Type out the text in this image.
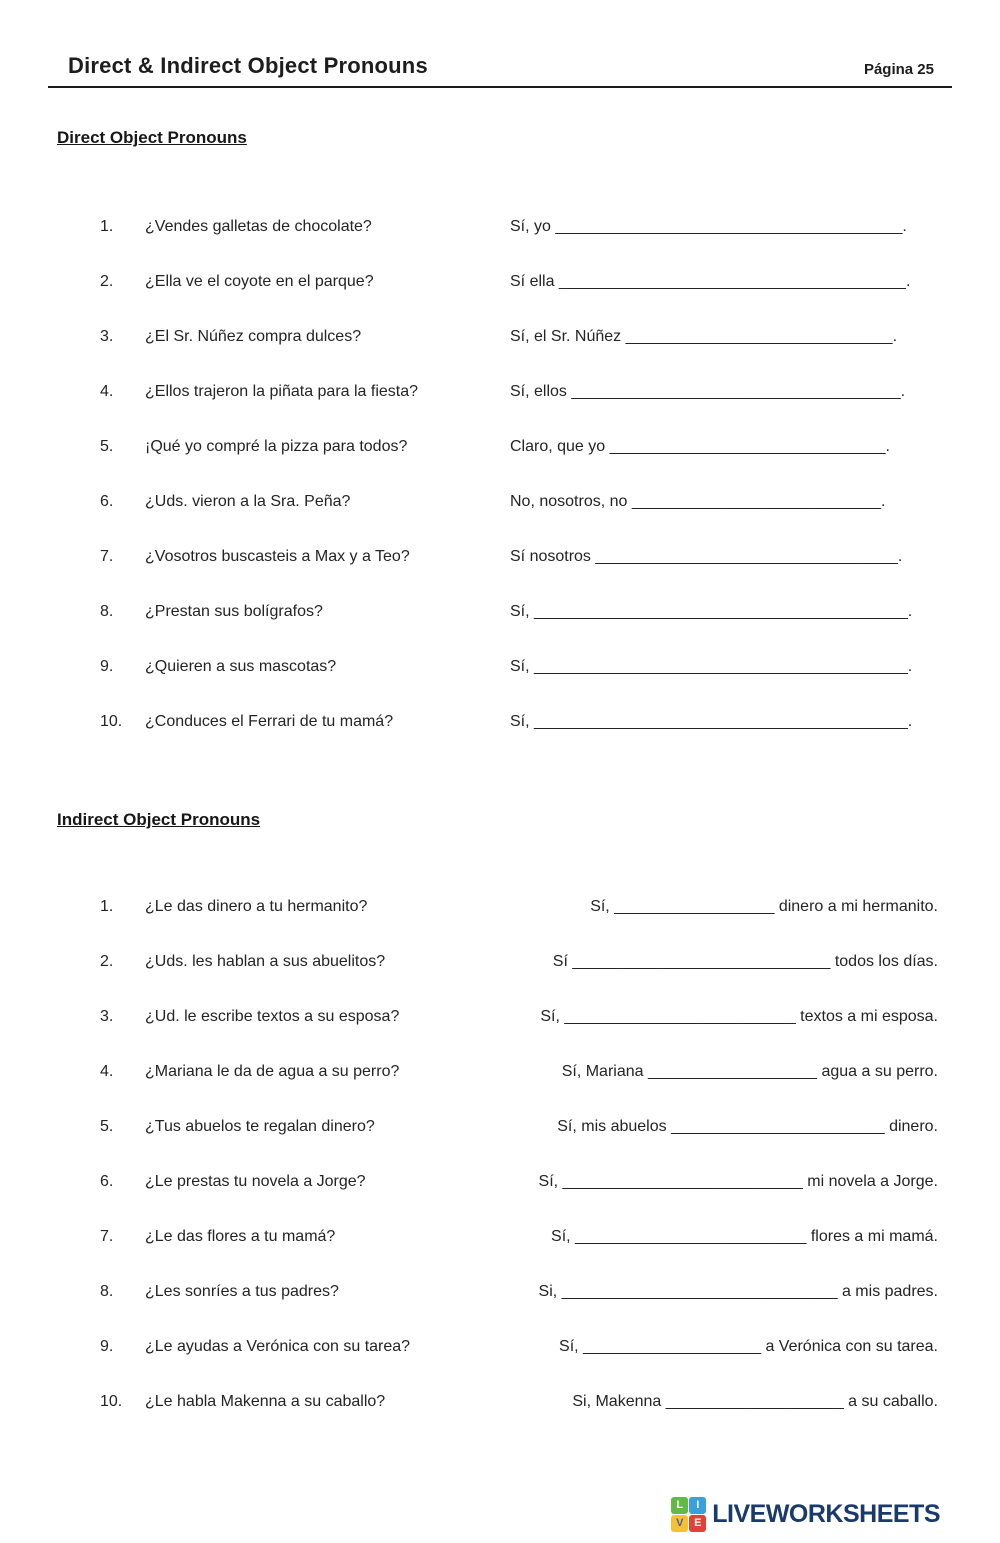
Direct & Indirect Object Pronouns	Página 25
Direct Object Pronouns
1.	¿Vendes galletas de chocolate?	Sí, yo _______________________________________.
2.	¿Ella ve el coyote en el parque?	Sí ella _______________________________________.
3.	¿El Sr. Núñez compra dulces?	Sí, el Sr. Núñez ______________________________.
4.	¿Ellos trajeron la piñata para la fiesta?	Sí, ellos _____________________________________.
5.	¡Qué yo compré la pizza para todos?	Claro, que yo _______________________________.
6.	¿Uds. vieron a la Sra. Peña?	No, nosotros, no ____________________________.
7.	¿Vosotros buscasteis a Max y a Teo?	Sí nosotros __________________________________.
8.	¿Prestan sus bolígrafos?	Sí, __________________________________________.
9.	¿Quieren a sus mascotas?	Sí, __________________________________________.
10.	¿Conduces el Ferrari de tu mamá?	Sí, __________________________________________.
Indirect Object Pronouns
1.	¿Le das dinero a tu hermanito?	Sí, __________________ dinero a mi hermanito.
2.	¿Uds. les hablan a sus abuelitos?	Sí _____________________________ todos los días.
3.	¿Ud. le escribe textos a su esposa?	Sí, __________________________ textos a mi esposa.
4.	¿Mariana le da de agua a su perro?	Sí, Mariana ___________________ agua a su perro.
5.	¿Tus abuelos te regalan dinero?	Sí, mis abuelos ________________________ dinero.
6.	¿Le prestas tu novela a Jorge?	Sí, ___________________________ mi novela a Jorge.
7.	¿Le das flores a tu mamá?	Sí, __________________________ flores a mi mamá.
8.	¿Les sonríes a tus padres?	Si, _______________________________ a mis padres.
9.	¿Le ayudas a Verónica con su tarea?	Sí, ____________________ a Verónica con su tarea.
10.	¿Le habla Makenna a su caballo?	Si, Makenna ____________________ a su caballo.
L	I
V E LIVEWORKSHEETS
